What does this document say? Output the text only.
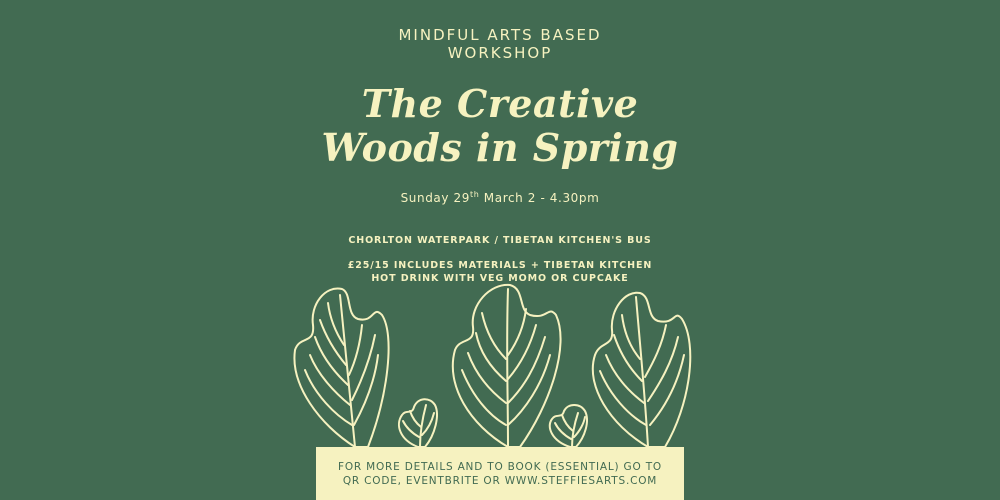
MINDFUL ARTS BASED
WORKSHOP
The Creative
Woods in Spring
Sunday 29th March 2 - 4.30pm
CHORLTON WATERPARK / TIBETAN KITCHEN'S BUS
£25/15 INCLUDES MATERIALS + TIBETAN KITCHEN
HOT DRINK WITH VEG MOMO OR CUPCAKE
FOR MORE DETAILS AND TO BOOK (ESSENTIAL) GO TO
QR CODE, EVENTBRITE OR WWW.STEFFIESARTS.COM
